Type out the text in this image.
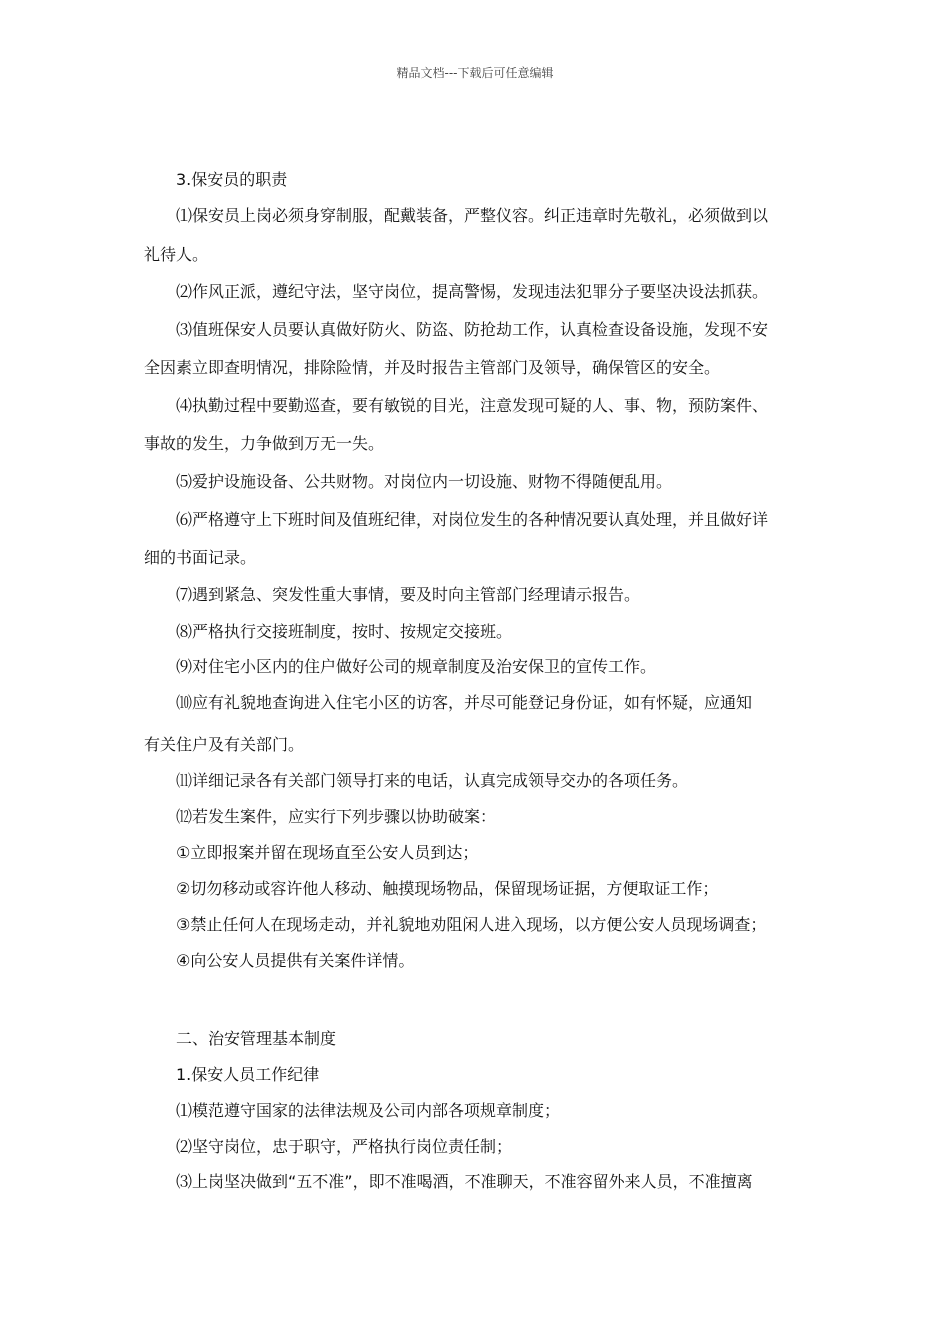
精品文档---下载后可任意编辑
3.保安员的职责
⑴保安员上岗必须身穿制服，配戴装备，严整仪容。纠正违章时先敬礼，必须做到以
礼待人。
⑵作风正派，遵纪守法，坚守岗位，提高警惕，发现违法犯罪分子要坚决设法抓获。
⑶值班保安人员要认真做好防火、防盗、防抢劫工作，认真检查设备设施，发现不安
全因素立即查明情况，排除险情，并及时报告主管部门及领导，确保管区的安全。
⑷执勤过程中要勤巡查，要有敏锐的目光，注意发现可疑的人、事、物，预防案件、
事故的发生，力争做到万无一失。
⑸爱护设施设备、公共财物。对岗位内一切设施、财物不得随便乱用。
⑹严格遵守上下班时间及值班纪律，对岗位发生的各种情况要认真处理，并且做好详
细的书面记录。
⑺遇到紧急、突发性重大事情，要及时向主管部门经理请示报告。
⑻严格执行交接班制度，按时、按规定交接班。
⑼对住宅小区内的住户做好公司的规章制度及治安保卫的宣传工作。
⑽应有礼貌地查询进入住宅小区的访客，并尽可能登记身份证，如有怀疑，应通知
有关住户及有关部门。
⑾详细记录各有关部门领导打来的电话，认真完成领导交办的各项任务。
⑿若发生案件，应实行下列步骤以协助破案：
①立即报案并留在现场直至公安人员到达；
②切勿移动或容许他人移动、触摸现场物品，保留现场证据，方便取证工作；
③禁止任何人在现场走动，并礼貌地劝阻闲人进入现场，以方便公安人员现场调查；
④向公安人员提供有关案件详情。
二、治安管理基本制度
1.保安人员工作纪律
⑴模范遵守国家的法律法规及公司内部各项规章制度；
⑵坚守岗位，忠于职守，严格执行岗位责任制；
⑶上岗坚决做到“五不准”，即不准喝酒，不准聊天，不准容留外来人员，不准擅离
